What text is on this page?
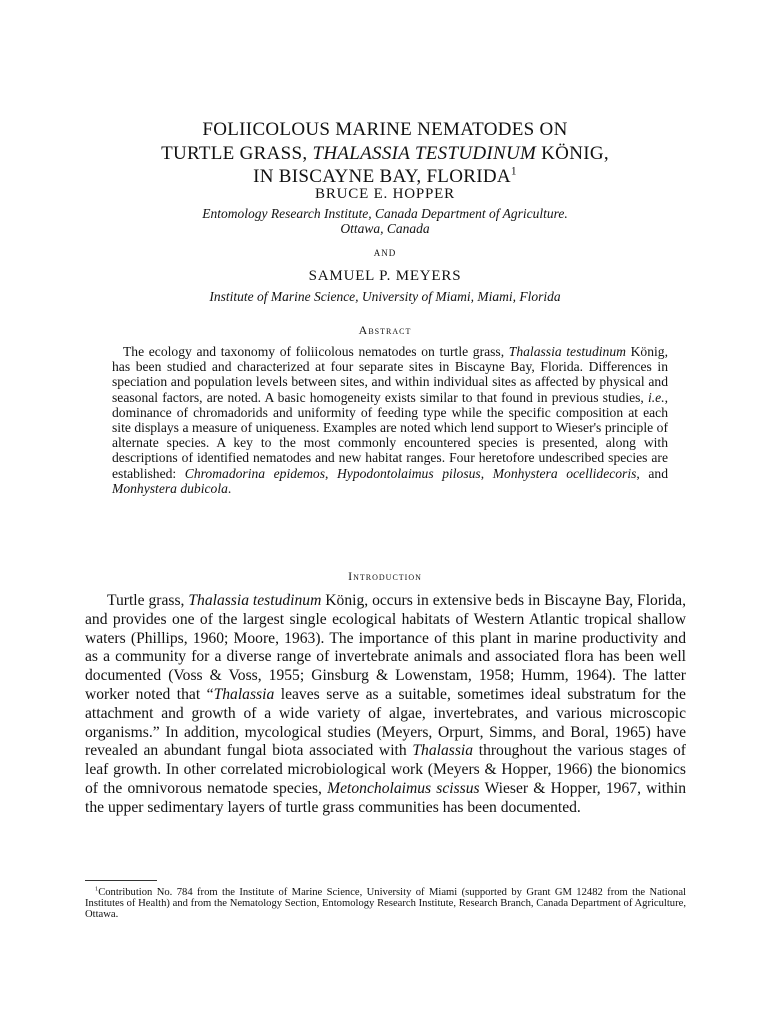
FOLIICOLOUS MARINE NEMATODES ON
TURTLE GRASS, THALASSIA TESTUDINUM KÖNIG,
IN BISCAYNE BAY, FLORIDA$^1$
BRUCE E. HOPPER
Entomology Research Institute, Canada Department of Agriculture.
Ottawa, Canada
AND
SAMUEL P. MEYERS
Institute of Marine Science, University of Miami, Miami, Florida
Abstract

The ecology and taxonomy of foliicolous nematodes on turtle grass, Thalassia testudinum König, has been studied and characterized at four separate sites in Biscayne Bay, Florida. Differences in speciation and population levels between sites, and within individual sites as affected by physical and seasonal factors, are noted. A basic homogeneity exists similar to that found in previous studies, i.e., dominance of chromadorids and uniformity of feeding type while the specific composition at each site displays a measure of uniqueness. Examples are noted which lend support to Wieser's principle of alternate species. A key to the most commonly encountered species is presented, along with descriptions of identified nematodes and new habitat ranges. Four heretofore undescribed species are established: Chromadorina epidemos, Hypodontolaimus pilosus, Monhystera ocellidecoris, and Monhystera dubicola.

Introduction

Turtle grass, Thalassia testudinum König, occurs in extensive beds in Biscayne Bay, Florida, and provides one of the largest single ecological habitats of Western Atlantic tropical shallow waters (Phillips, 1960; Moore, 1963). The importance of this plant in marine productivity and as a community for a diverse range of invertebrate animals and associated flora has been well documented (Voss & Voss, 1955; Ginsburg & Lowenstam, 1958; Humm, 1964). The latter worker noted that “Thalassia leaves serve as a suitable, sometimes ideal substratum for the attachment and growth of a wide variety of algae, invertebrates, and various microscopic organisms.” In addition, mycological studies (Meyers, Orpurt, Simms, and Boral, 1965) have revealed an abundant fungal biota associated with Thalassia throughout the various stages of leaf growth. In other correlated microbiological work (Meyers & Hopper, 1966) the bionomics of the omnivorous nematode species, Metoncholaimus scissus Wieser & Hopper, 1967, within the upper sedimentary layers of turtle grass communities has been documented.

$^1$Contribution No. 784 from the Institute of Marine Science, University of Miami (supported by Grant GM 12482 from the National Institutes of Health) and from the Nematology Section, Entomology Research Institute, Research Branch, Canada Department of Agriculture, Ottawa.
